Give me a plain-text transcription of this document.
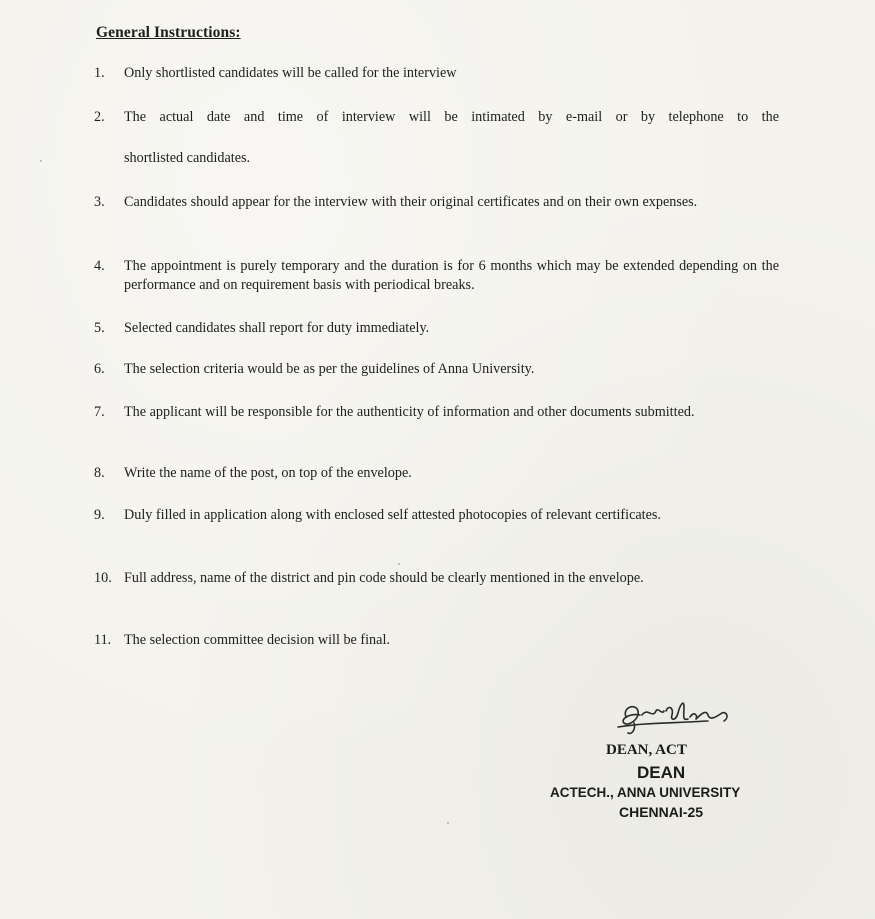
General Instructions:
1.	Only shortlisted candidates will be called for the interview
2.	The actual date and time of interview will be intimated by e-mail or by telephone to the
shortlisted candidates.
3.	Candidates should appear for the interview with their original certificates and on their own expenses.
4.	The appointment is purely temporary and the duration is for 6 months which may be extended depending on the performance and on requirement basis with periodical breaks.
5.	Selected candidates shall report for duty immediately.
6.	The selection criteria would be as per the guidelines of Anna University.
7.	The applicant will be responsible for the authenticity of information and other documents submitted.
8.	Write the name of the post, on top of the envelope.
9.	Duly filled in application along with enclosed self attested photocopies of relevant certificates.
10. Full address, name of the district and pin code should be clearly mentioned in the envelope.
11. The selection committee decision will be final.
DEAN, ACT
DEAN
ACTECH., ANNA UNIVERSITY
CHENNAI-25
